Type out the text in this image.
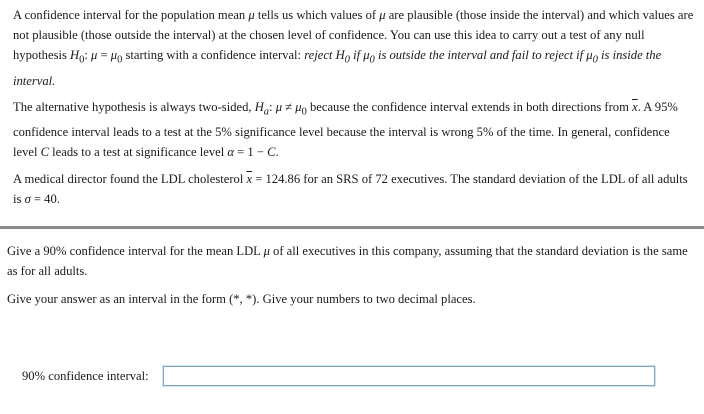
A confidence interval for the population mean μ tells us which values of μ are plausible (those inside the interval) and which values are not plausible (those outside the interval) at the chosen level of confidence. You can use this idea to carry out a test of any null hypothesis $H_0$: $\mu = \mu_0$ starting with a confidence interval: reject $H_0$ if $\mu_0$ is outside the interval and fail to reject if $\mu_0$ is inside the interval.

The alternative hypothesis is always two-sided, $H_a$: $\mu \ne \mu_0$ because the confidence interval extends in both directions from $\overline{x}$. A 95% confidence interval leads to a test at the 5% significance level because the interval is wrong 5% of the time. In general, confidence level C leads to a test at significance level α = 1 − C.

A medical director found the LDL cholesterol $\overline{x} = 124.86$ for an SRS of 72 executives. The standard deviation of the LDL of all adults is σ = 40.

Give a 90% confidence interval for the mean LDL μ of all executives in this company, assuming that the standard deviation is the same as for all adults.

Give your answer as an interval in the form (*, *). Give your numbers to two decimal places.

90% confidence interval:
